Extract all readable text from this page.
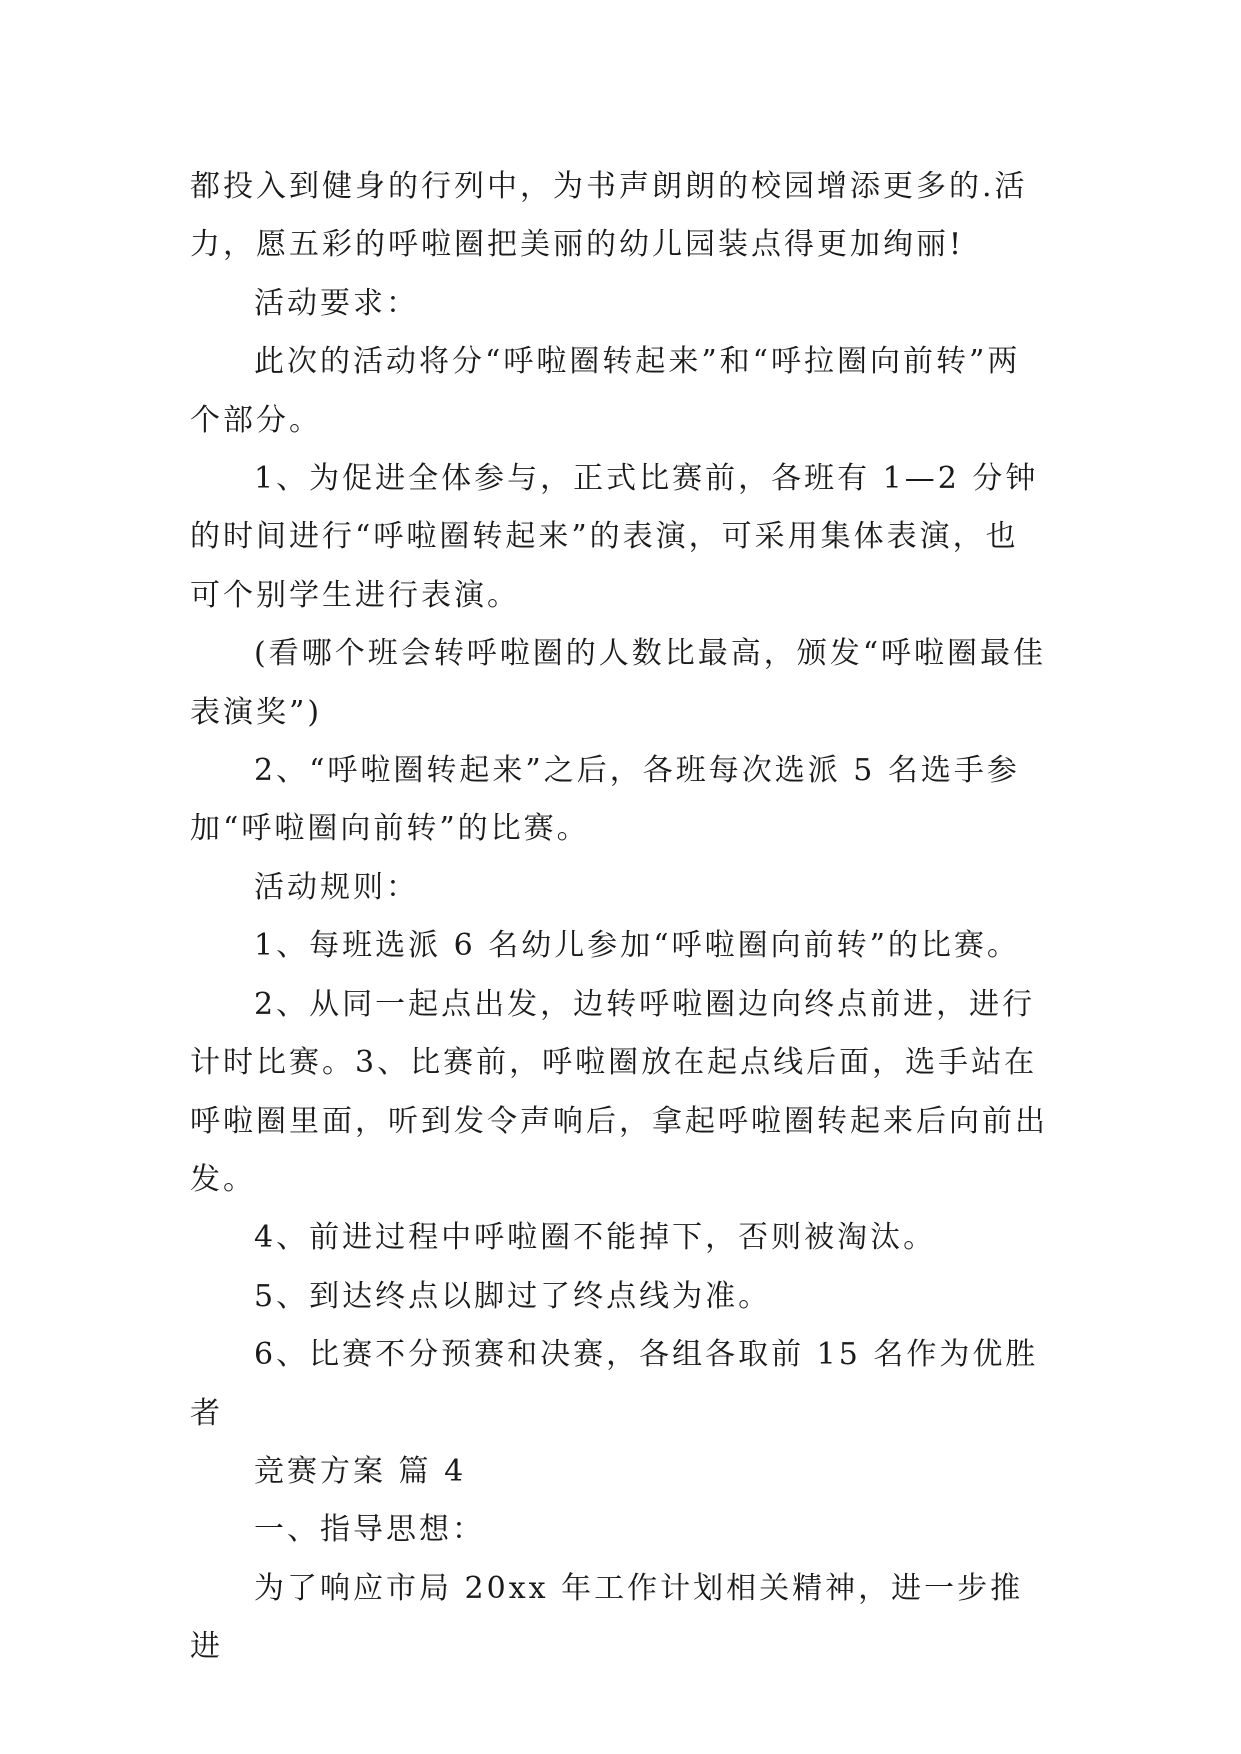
都投入到健身的行列中，为书声朗朗的校园增添更多的.活力，愿五彩的呼啦圈把美丽的幼儿园装点得更加绚丽!

活动要求：

此次的活动将分“呼啦圈转起来”和“呼拉圈向前转”两个部分。

1、为促进全体参与，正式比赛前，各班有 1—2 分钟的时间进行“呼啦圈转起来”的表演，可采用集体表演，也可个别学生进行表演。

(看哪个班会转呼啦圈的人数比最高，颁发“呼啦圈最佳表演奖”)

2、“呼啦圈转起来”之后，各班每次选派 5 名选手参加“呼啦圈向前转”的比赛。

活动规则：

1、每班选派 6 名幼儿参加“呼啦圈向前转”的比赛。

2、从同一起点出发，边转呼啦圈边向终点前进，进行计时比赛。3、比赛前，呼啦圈放在起点线后面，选手站在呼啦圈里面，听到发令声响后，拿起呼啦圈转起来后向前出发。

4、前进过程中呼啦圈不能掉下，否则被淘汰。

5、到达终点以脚过了终点线为准。

6、比赛不分预赛和决赛，各组各取前 15 名作为优胜者

竞赛方案 篇 4

一、指导思想：

为了响应市局 20xx 年工作计划相关精神，进一步推进
